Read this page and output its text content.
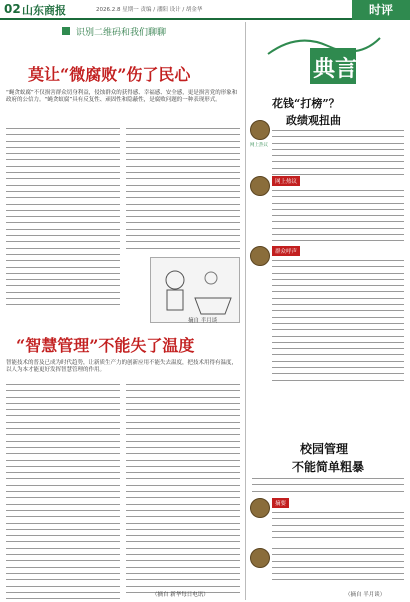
02 山东商报	2026.2.8 星期一 责编 / 潘阳 设计 / 胡金华	时评
识别二维码和我们聊聊
莫让“微腐败”伤了民心
“蝇贪蚁腐”不仅损害群众切身利益，侵蚀群众的获得感、幸福感、安全感，更是损害党的形象和政府的公信力。“蝇贪蚁腐”具有反复性、顽固性和隐蔽性，是腐败问题的一种表现形式。
摘自 半月谈
“智慧管理”不能失了温度
智能技术的普及已成为时代趋势，让新质生产力的创新应用不能失去温度，把技术用得有温度，以人为本才能更好发挥智慧管理的作用。
（摘自 新华每日电讯）
典言
花钱“打榜”？
政绩观扭曲
网上热议
网上热议
群众呼声
校园管理
不能简单粗暴
摘要
（摘自 半月谈）
